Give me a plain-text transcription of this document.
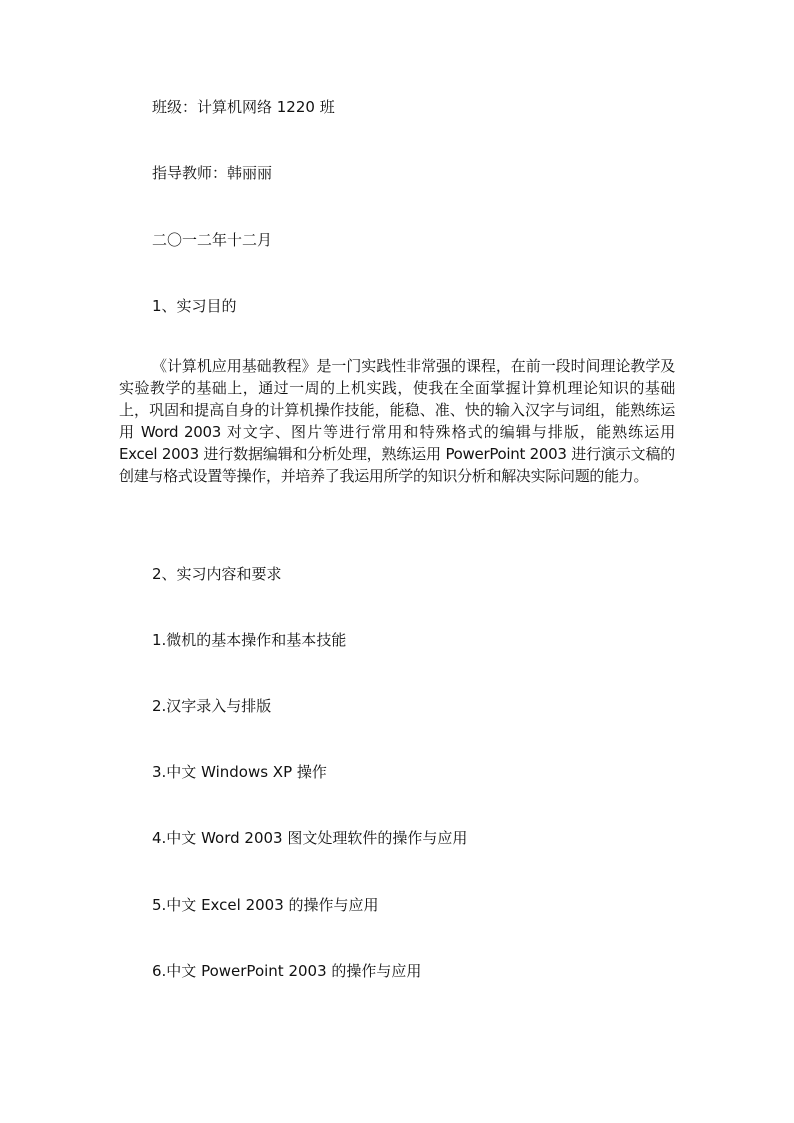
班级：计算机网络 1220 班

指导教师：韩丽丽

二〇一二年十二月

1、实习目的

《计算机应用基础教程》是一门实践性非常强的课程，在前一段时间理论教学及实验教学的基础上，通过一周的上机实践，使我在全面掌握计算机理论知识的基础上，巩固和提高自身的计算机操作技能，能稳、准、快的输入汉字与词组，能熟练运用 Word 2003 对文字、图片等进行常用和特殊格式的编辑与排版，能熟练运用 Excel 2003 进行数据编辑和分析处理，熟练运用 PowerPoint 2003 进行演示文稿的创建与格式设置等操作，并培养了我运用所学的知识分析和解决实际问题的能力。

2、实习内容和要求

1.微机的基本操作和基本技能

2.汉字录入与排版

3.中文 Windows XP 操作

4.中文 Word 2003 图文处理软件的操作与应用

5.中文 Excel 2003 的操作与应用

6.中文 PowerPoint 2003 的操作与应用
